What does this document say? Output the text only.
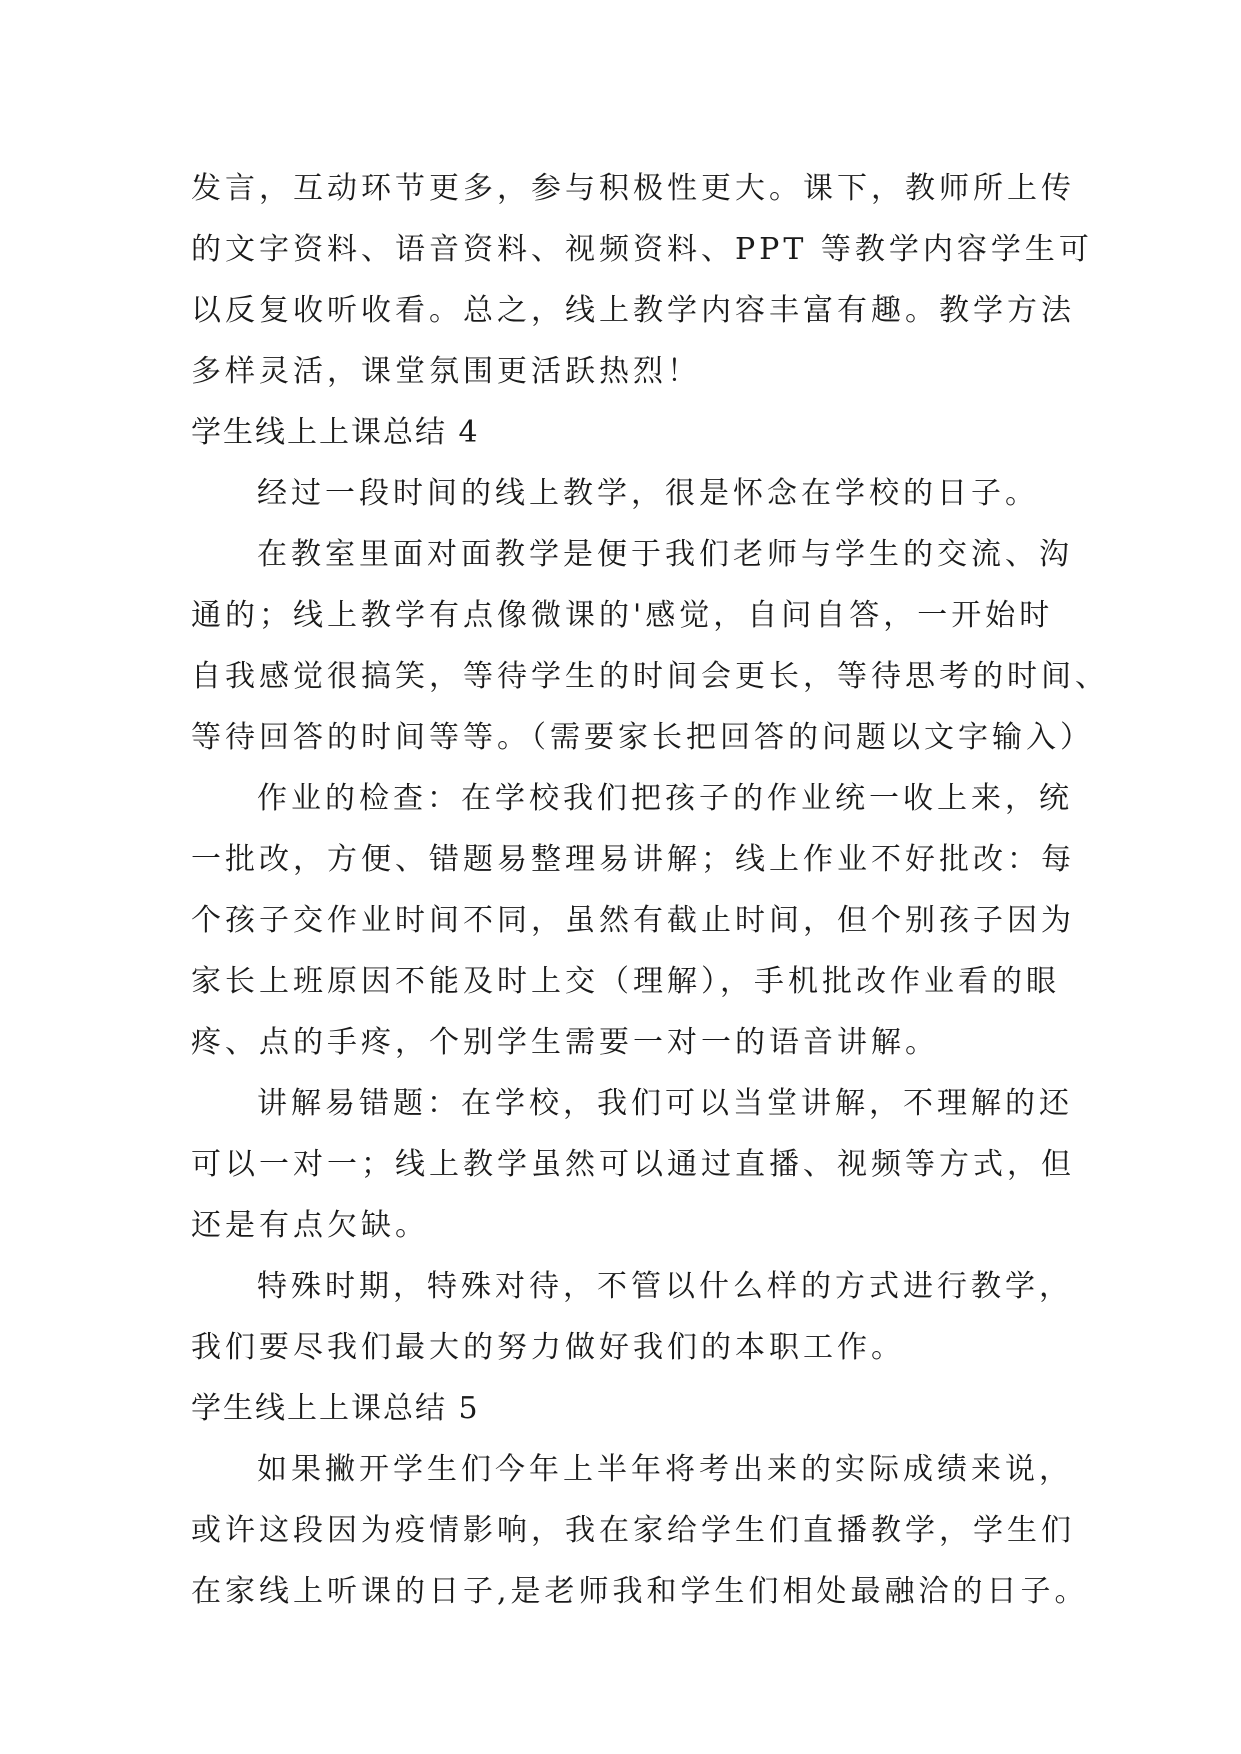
发言，互动环节更多，参与积极性更大。课下，教师所上传

的文字资料、语音资料、视频资料、PPT 等教学内容学生可

以反复收听收看。总之，线上教学内容丰富有趣。教学方法

多样灵活，课堂氛围更活跃热烈！

学生线上上课总结 4

经过一段时间的线上教学，很是怀念在学校的日子。

在教室里面对面教学是便于我们老师与学生的交流、沟

通的；线上教学有点像微课的'感觉，自问自答，一开始时

自我感觉很搞笑，等待学生的时间会更长，等待思考的时间、

等待回答的时间等等。（需要家长把回答的问题以文字输入）

作业的检查：在学校我们把孩子的作业统一收上来，统

一批改，方便、错题易整理易讲解；线上作业不好批改：每

个孩子交作业时间不同，虽然有截止时间，但个别孩子因为

家长上班原因不能及时上交（理解），手机批改作业看的眼

疼、点的手疼，个别学生需要一对一的语音讲解。

讲解易错题：在学校，我们可以当堂讲解，不理解的还

可以一对一；线上教学虽然可以通过直播、视频等方式，但

还是有点欠缺。

特殊时期，特殊对待，不管以什么样的方式进行教学，

我们要尽我们最大的努力做好我们的本职工作。

学生线上上课总结 5

如果撇开学生们今年上半年将考出来的实际成绩来说，

或许这段因为疫情影响，我在家给学生们直播教学，学生们

在家线上听课的日子,是老师我和学生们相处最融洽的日子。
